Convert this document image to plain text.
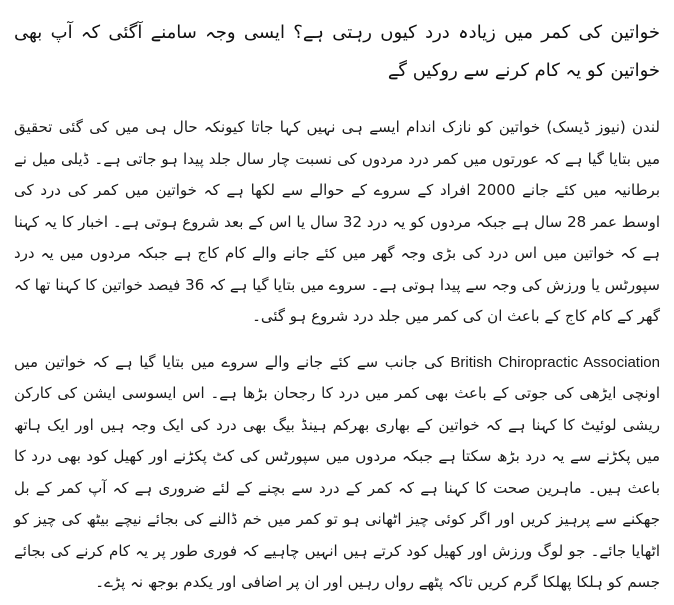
خواتین کی کمر میں زیادہ درد کیوں رہتی ہے؟ ایسی وجہ سامنے آگئی کہ آپ بھی خواتین کو یہ کام کرنے سے روکیں گے

لندن (نیوز ڈیسک) خواتین کو نازک اندام ایسے ہی نہیں کہا جاتا کیونکہ حال ہی میں کی گئی تحقیق میں بتایا گیا ہے کہ عورتوں میں کمر درد مردوں کی نسبت چار سال جلد پیدا ہو جاتی ہے۔ ڈیلی میل نے برطانیہ میں کئے جانے 2000 افراد کے سروے کے حوالے سے لکھا ہے کہ خواتین میں کمر کی درد کی اوسط عمر 28 سال ہے جبکہ مردوں کو یہ درد 32 سال یا اس کے بعد شروع ہوتی ہے۔ اخبار کا یہ کہنا ہے کہ خواتین میں اس درد کی بڑی وجہ گھر میں کئے جانے والے کام کاج ہے جبکہ مردوں میں یہ درد سپورٹس یا ورزش کی وجہ سے پیدا ہوتی ہے۔ سروے میں بتایا گیا ہے کہ 36 فیصد خواتین کا کہنا تھا کہ گھر کے کام کاج کے باعث ان کی کمر میں جلد درد شروع ہو گئی۔

British Chiropractic Association کی جانب سے کئے جانے والے سروے میں بتایا گیا ہے کہ خواتین میں اونچی ایڑھی کی جوتی کے باعث بھی کمر میں درد کا رجحان بڑھا ہے۔ اس ایسوسی ایشن کی کارکن ریشی لوئیٹ کا کہنا ہے کہ خواتین کے بھاری بھرکم ہینڈ بیگ بھی درد کی ایک وجہ ہیں اور ایک ہاتھ میں پکڑنے سے یہ درد بڑھ سکتا ہے جبکہ مردوں میں سپورٹس کی کٹ پکڑنے اور کھیل کود بھی درد کا باعث ہیں۔ ماہرین صحت کا کہنا ہے کہ کمر کے درد سے بچنے کے لئے ضروری ہے کہ آپ کمر کے بل جھکنے سے پرہیز کریں اور اگر کوئی چیز اٹھانی ہو تو کمر میں خم ڈالنے کی بجائے نیچے بیٹھ کی چیز کو اٹھایا جائے۔ جو لوگ ورزش اور کھیل کود کرتے ہیں انہیں چاہیے کہ فوری طور پر یہ کام کرنے کی بجائے جسم کو ہلکا پھلکا گرم کریں تاکہ پٹھے رواں رہیں اور ان پر اضافی اور یکدم بوجھ نہ پڑے۔
